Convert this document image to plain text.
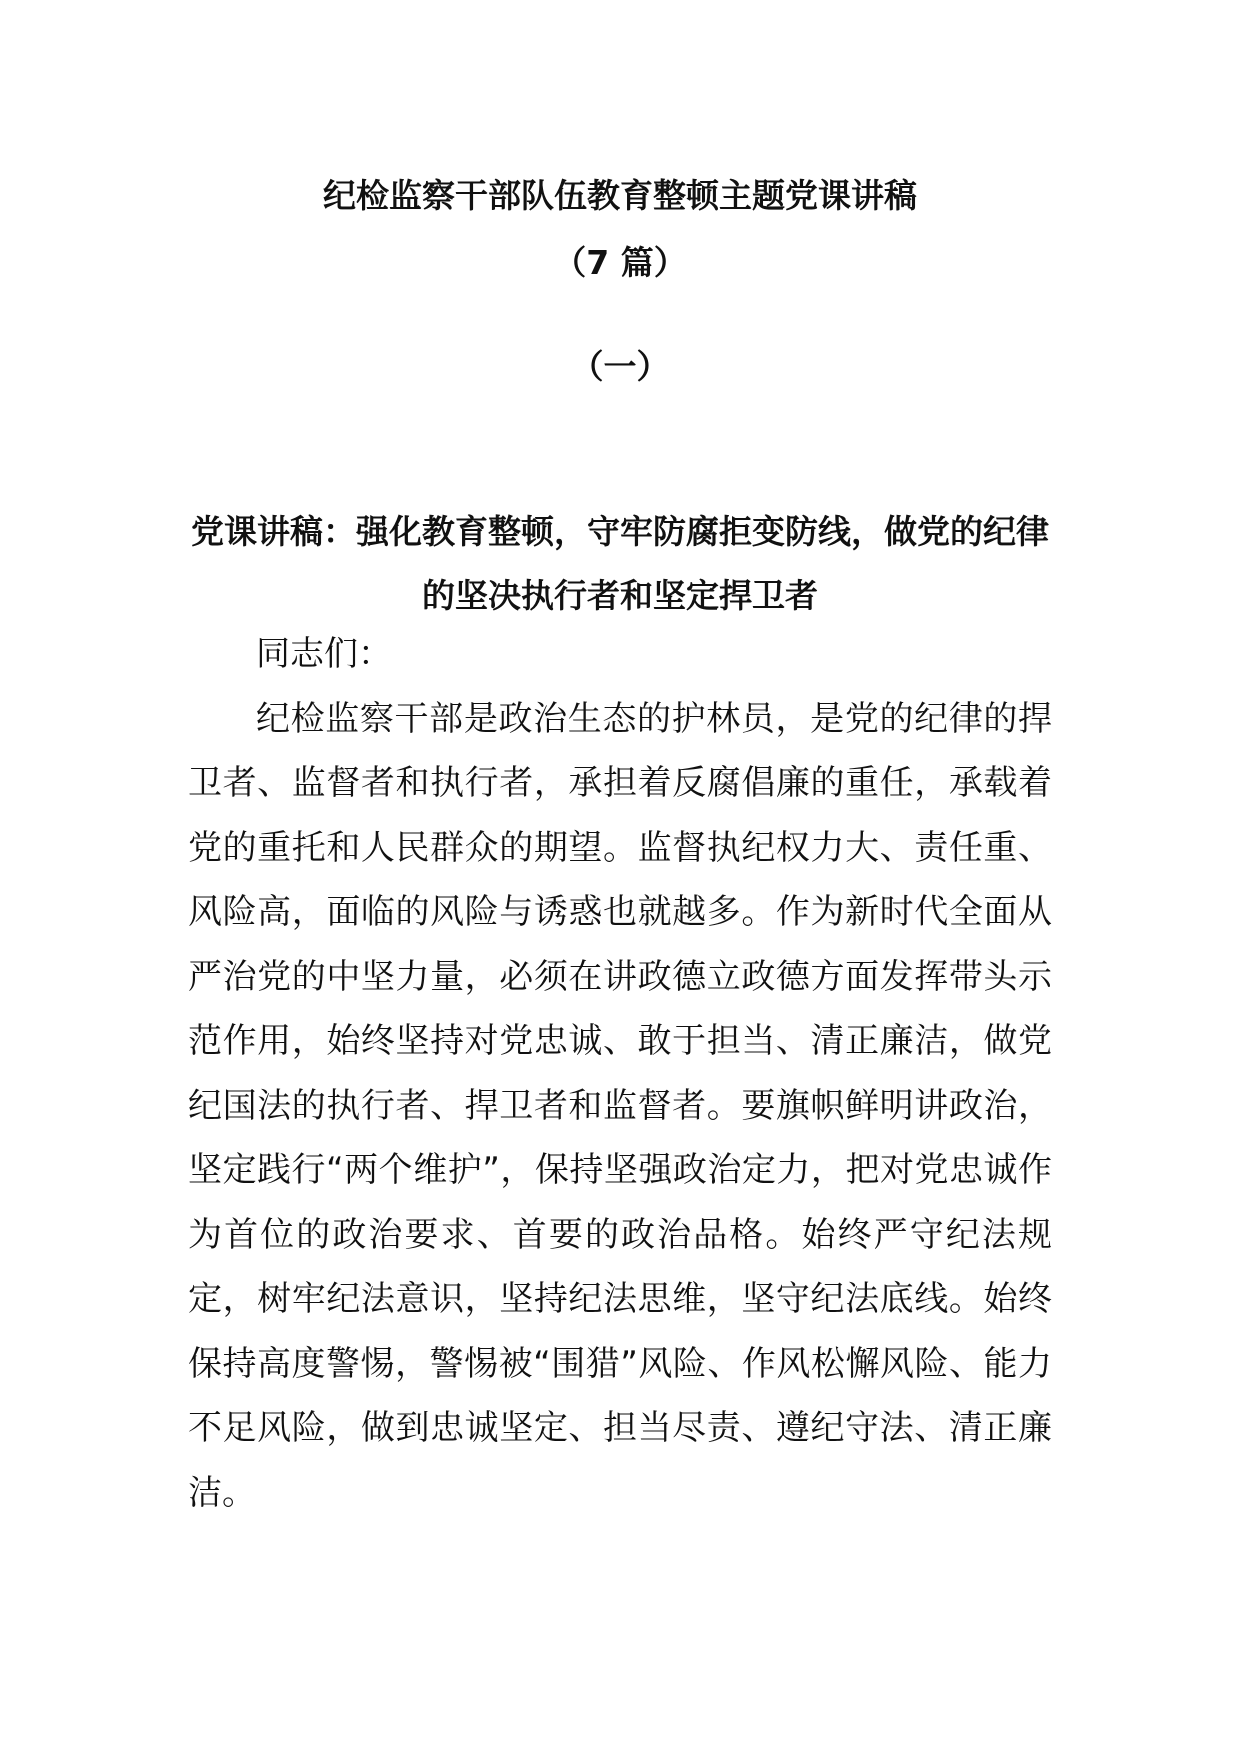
纪检监察干部队伍教育整顿主题党课讲稿
（7 篇）
（一）
党课讲稿：强化教育整顿，守牢防腐拒变防线，做党的纪律的坚决执行者和坚定捍卫者

同志们：

纪检监察干部是政治生态的护林员，是党的纪律的捍卫者、监督者和执行者，承担着反腐倡廉的重任，承载着党的重托和人民群众的期望。监督执纪权力大、责任重、风险高，面临的风险与诱惑也就越多。作为新时代全面从严治党的中坚力量，必须在讲政德立政德方面发挥带头示范作用，始终坚持对党忠诚、敢于担当、清正廉洁，做党纪国法的执行者、捍卫者和监督者。要旗帜鲜明讲政治，坚定践行“两个维护”，保持坚强政治定力，把对党忠诚作为首位的政治要求、首要的政治品格。始终严守纪法规定，树牢纪法意识，坚持纪法思维，坚守纪法底线。始终保持高度警惕，警惕被“围猎”风险、作风松懈风险、能力不足风险，做到忠诚坚定、担当尽责、遵纪守法、清正廉洁。
